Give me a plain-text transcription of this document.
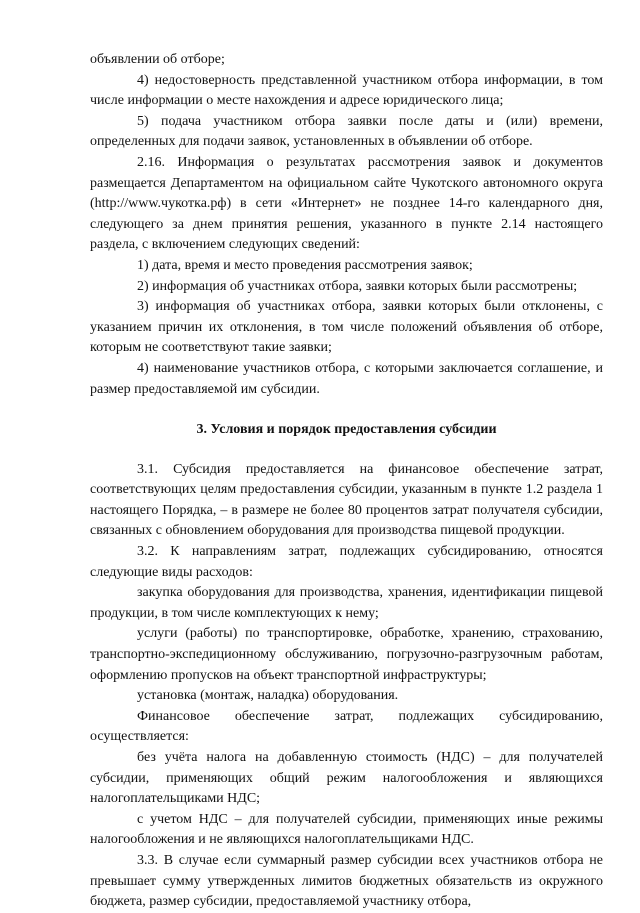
объявлении об отборе;

4) недостоверность представленной участником отбора информации, в том числе информации о месте нахождения и адресе юридического лица;

5) подача участником отбора заявки после даты и (или) времени, определенных для подачи заявок, установленных в объявлении об отборе.

2.16. Информация о результатах рассмотрения заявок и документов размещается Департаментом на официальном сайте Чукотского автономного округа (http://www.чукотка.рф) в сети «Интернет» не позднее 14-го календарного дня, следующего за днем принятия решения, указанного в пункте 2.14 настоящего раздела, с включением следующих сведений:

1) дата, время и место проведения рассмотрения заявок;

2) информация об участниках отбора, заявки которых были рассмотрены;

3) информация об участниках отбора, заявки которых были отклонены, с указанием причин их отклонения, в том числе положений объявления об отборе, которым не соответствуют такие заявки;

4) наименование участников отбора, с которыми заключается соглашение, и размер предоставляемой им субсидии.

3. Условия и порядок предоставления субсидии

3.1. Субсидия предоставляется на финансовое обеспечение затрат, соответствующих целям предоставления субсидии, указанным в пункте 1.2 раздела 1 настоящего Порядка, – в размере не более 80 процентов затрат получателя субсидии, связанных с обновлением оборудования для производства пищевой продукции.

3.2. К направлениям затрат, подлежащих субсидированию, относятся следующие виды расходов:

закупка оборудования для производства, хранения, идентификации пищевой продукции, в том числе комплектующих к нему;

услуги (работы) по транспортировке, обработке, хранению, страхованию, транспортно-экспедиционному обслуживанию, погрузочно-разгрузочным работам, оформлению пропусков на объект транспортной инфраструктуры;

установка (монтаж, наладка) оборудования.

Финансовое обеспечение затрат, подлежащих субсидированию, осуществляется:

без учёта налога на добавленную стоимость (НДС) – для получателей субсидии, применяющих общий режим налогообложения и являющихся налогоплательщиками НДС;

с учетом НДС – для получателей субсидии, применяющих иные режимы налогообложения и не являющихся налогоплательщиками НДС.

3.3. В случае если суммарный размер субсидии всех участников отбора не превышает сумму утвержденных лимитов бюджетных обязательств из окружного бюджета, размер субсидии, предоставляемой участнику отбора,
